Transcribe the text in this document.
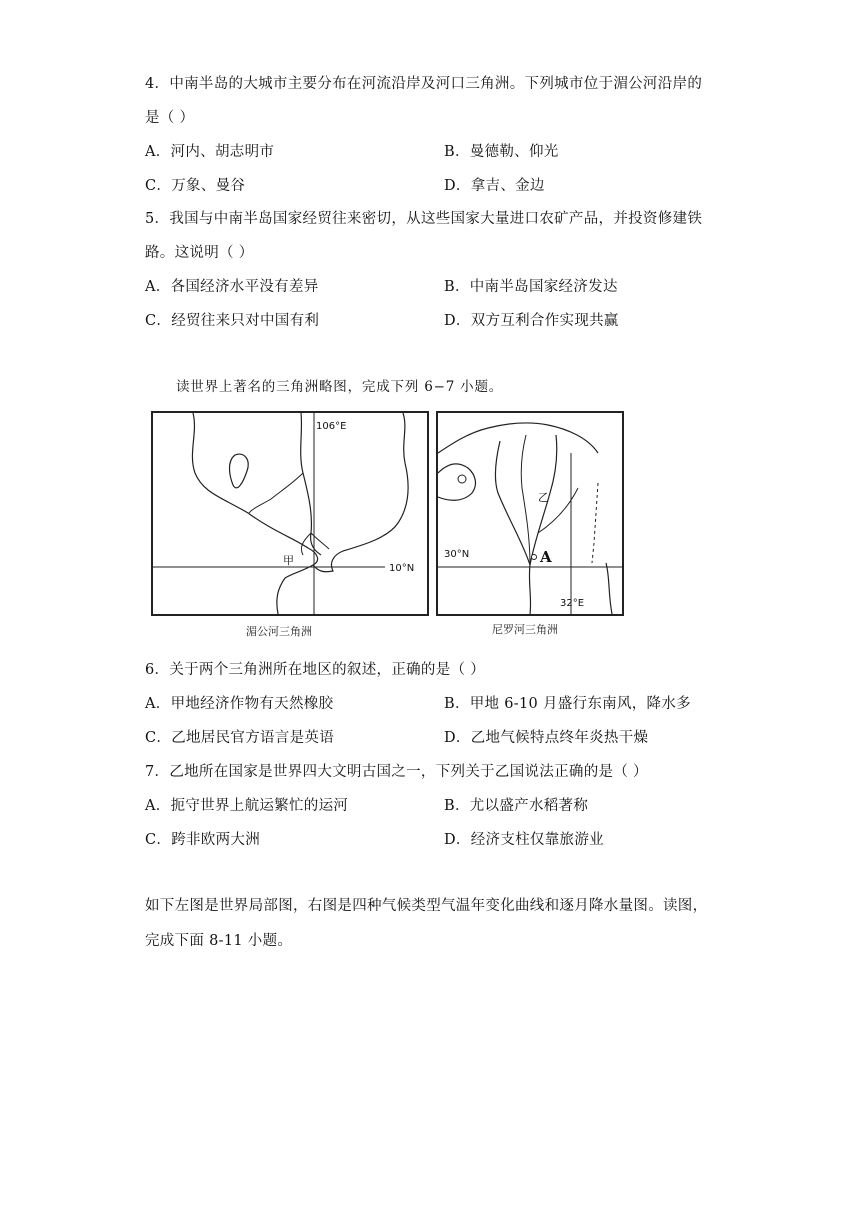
4．中南半岛的大城市主要分布在河流沿岸及河口三角洲。下列城市位于湄公河沿岸的
是（ ）
A．河内、胡志明市	B．曼德勒、仰光
C．万象、曼谷	D．拿吉、金边
5．我国与中南半岛国家经贸往来密切，从这些国家大量进口农矿产品，并投资修建铁
路。这说明（ ）
A．各国经济水平没有差异	B．中南半岛国家经济发达
C．经贸往来只对中国有利	D．双方互利合作实现共赢
读世界上著名的三角洲略图，完成下列 6−7 小题。
106°E
10°N
甲
湄公河三角洲
30°N
32°E
乙
A
尼罗河三角洲
6．关于两个三角洲所在地区的叙述，正确的是（ ）
A．甲地经济作物有天然橡胶	B．甲地 6-10 月盛行东南风，降水多
C．乙地居民官方语言是英语	D．乙地气候特点终年炎热干燥
7．乙地所在国家是世界四大文明古国之一，下列关于乙国说法正确的是（ ）
A．扼守世界上航运繁忙的运河	B．尤以盛产水稻著称
C．跨非欧两大洲	D．经济支柱仅靠旅游业
如下左图是世界局部图，右图是四种气候类型气温年变化曲线和逐月降水量图。读图，
完成下面 8-11 小题。
